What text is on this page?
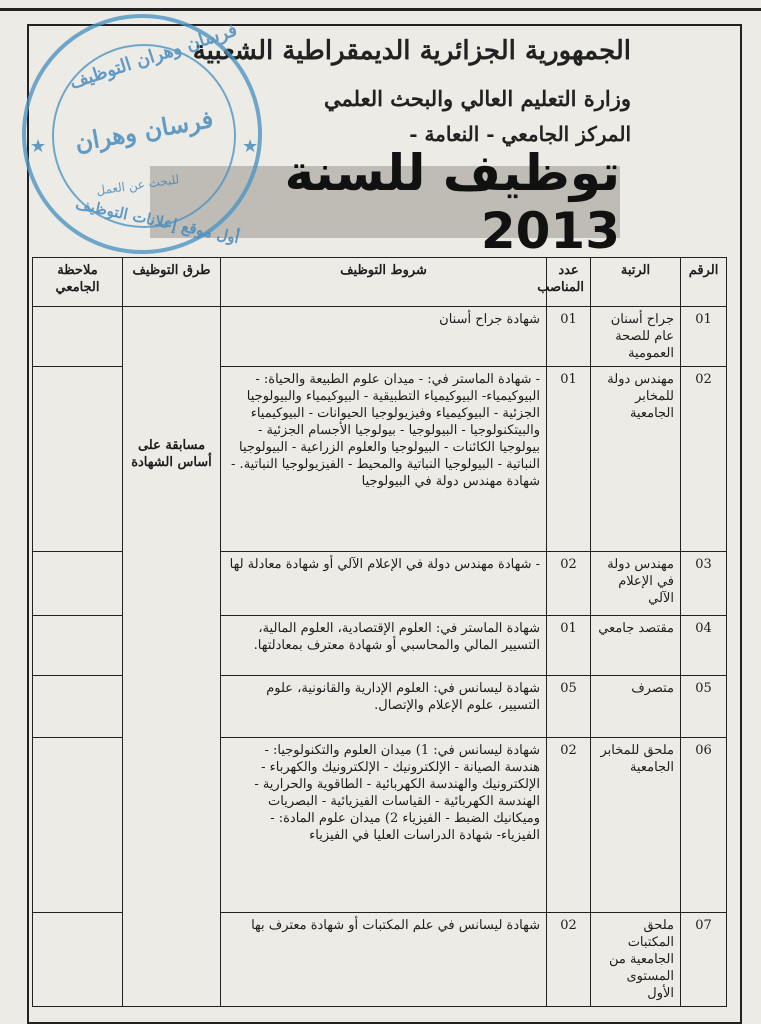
الجمهورية الجزائرية الديمقراطية الشعبية
وزارة التعليم العالي والبحث العلمي
المركز الجامعي - النعامة -
توظيف للسنة 2013
فرسان وهران التوظيف
فرسان وهران
للبحث عن العمل
أول موقع إعلانات التوظيف
★	★
الرقم	الرتبة	عدد المناصب	شروط التوظيف	طرق التوظيف	ملاحظة الجامعي
01	جراح أسنان عام للصحة العمومية	01	شهادة جراح أسنان	مسابقة على أساس الشهادة	
02	مهندس دولة للمخابر الجامعية	01	- شهادة الماستر في: - ميدان علوم الطبيعة والحياة: - البيوكيمياء- البيوكيمياء التطبيقية - البيوكيمياء والبيولوجيا الجزئية - البيوكيمياء وفيزيولوجيا الحيوانات - البيوكيمياء والبيتكنولوجيا - البيولوجيا - بيولوجيا الأجسام الجزئية - بيولوجيا الكائنات - البيولوجيا والعلوم الزراعية - البيولوجيا النباتية - البيولوجيا النباتية والمحيط - الفيزيولوجيا النباتية. - شهادة مهندس دولة في البيولوجيا		
03	مهندس دولة في الإعلام الآلي	02	- شهادة مهندس دولة في الإعلام الآلي أو شهادة معادلة لها		
04	مقتصد جامعي	01	شهادة الماستر في: العلوم الإقتصادية، العلوم المالية، التسيير المالي والمحاسبي أو شهادة معترف بمعادلتها.		
05	متصرف	05	شهادة ليسانس في: العلوم الإدارية والقانونية، علوم التسيير، علوم الإعلام والإتصال.		
06	ملحق للمخابر الجامعية	02	شهادة ليسانس في: 1) ميدان العلوم والتكنولوجيا: - هندسة الصيانة - الإلكترونيك - الإلكترونيك والكهرباء - الإلكترونيك والهندسة الكهربائية - الطاقوية والحرارية - الهندسة الكهربائية - القياسات الفيزيائية - البصريات وميكانيك الضبط - الفيزياء 2) ميدان علوم المادة: - الفيزياء- شهادة الدراسات العليا في الفيزياء		
07	ملحق المكتبات الجامعية من المستوى الأول	02	شهادة ليسانس في علم المكتبات أو شهادة معترف بها		
